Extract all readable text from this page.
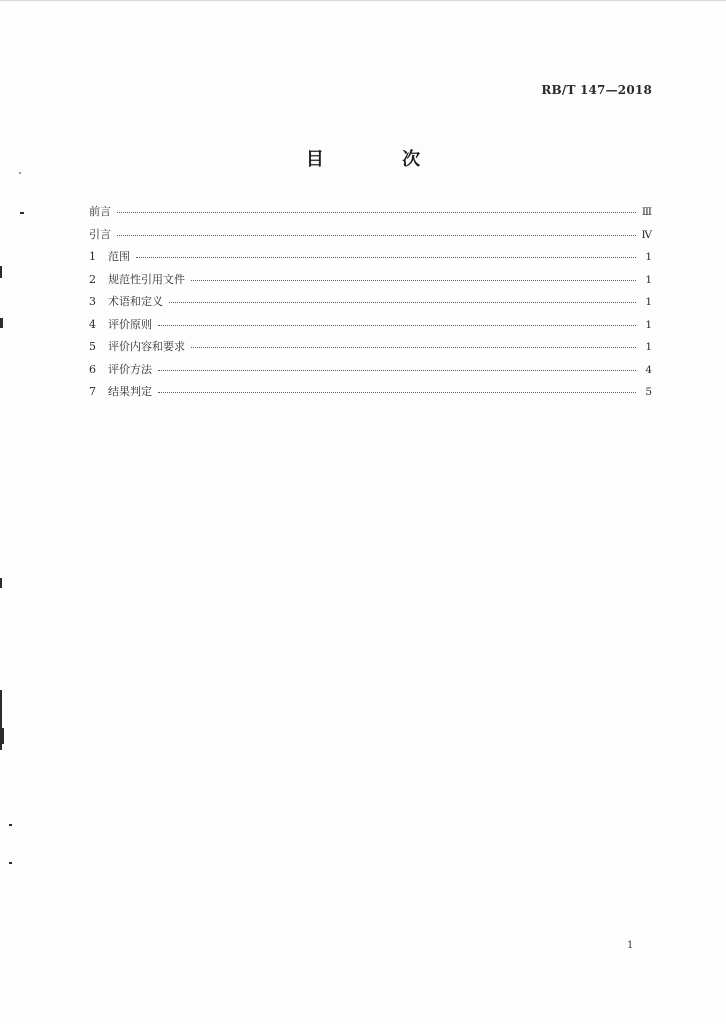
RB/T 147—2018
目 次
前言	Ⅲ
引言	Ⅳ
1	范围	1
2	规范性引用文件	1
3	术语和定义	1
4	评价原则	1
5	评价内容和要求	1
6	评价方法	4
7	结果判定	5
1
